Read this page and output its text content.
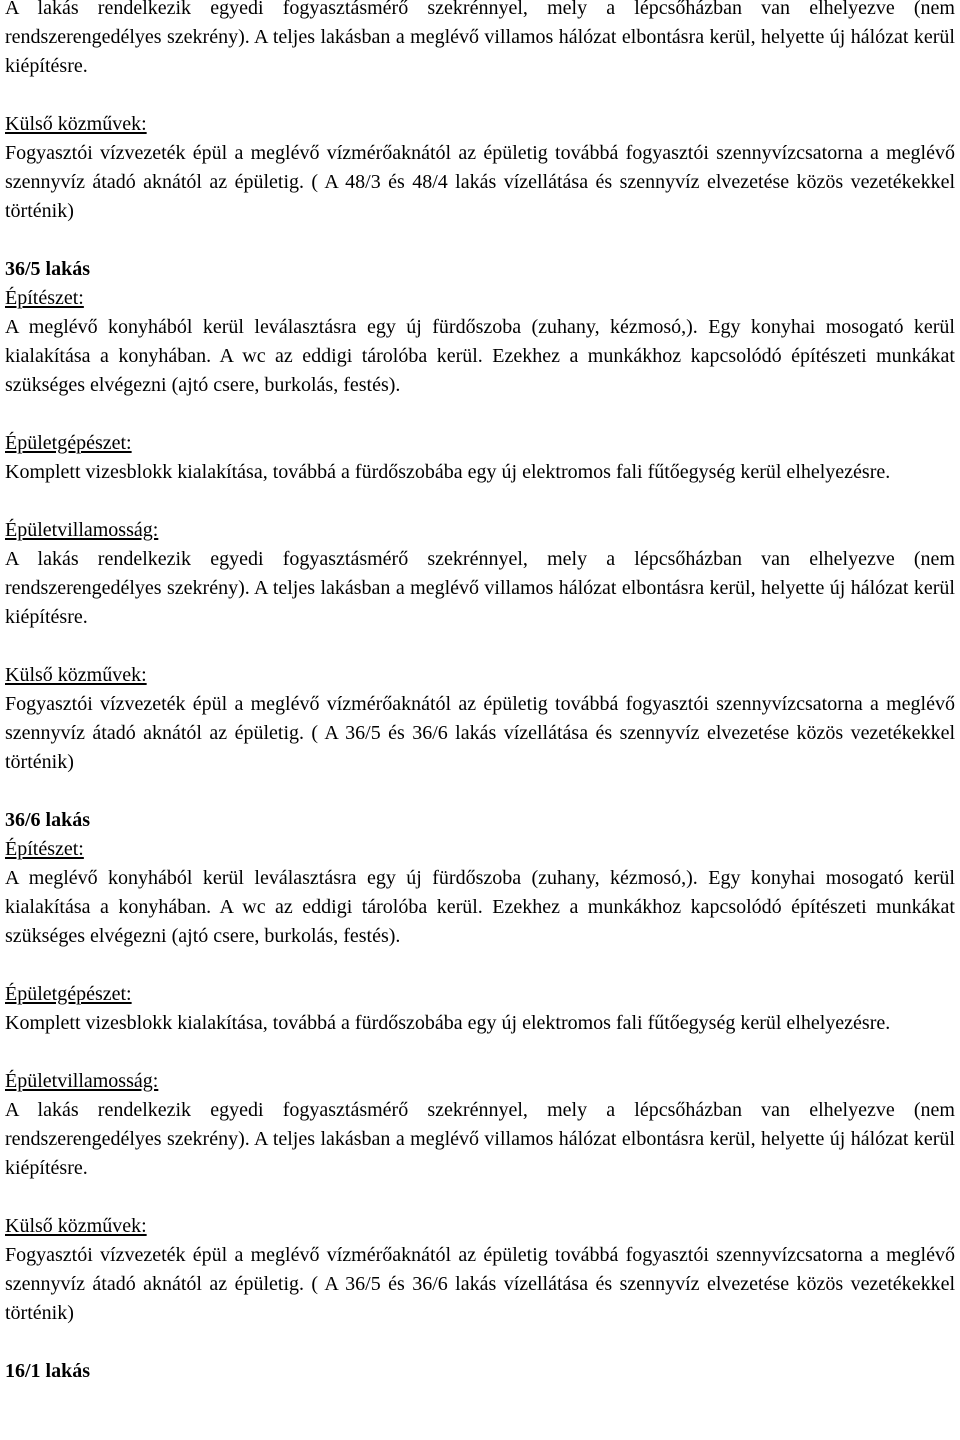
A lakás rendelkezik egyedi fogyasztásmérő szekrénnyel, mely a lépcsőházban van elhelyezve (nem rendszerengedélyes szekrény). A teljes lakásban a meglévő villamos hálózat elbontásra kerül, helyette új hálózat kerül kiépítésre.

Külső közművek:

Fogyasztói vízvezeték épül a meglévő vízmérőaknától az épületig továbbá fogyasztói szennyvízcsatorna a meglévő szennyvíz átadó aknától az épületig. ( A 48/3 és 48/4 lakás vízellátása és szennyvíz elvezetése közös vezetékekkel történik)

36/5 lakás
Építészet:

A meglévő konyhából kerül leválasztásra egy új fürdőszoba (zuhany, kézmosó,). Egy konyhai mosogató kerül kialakítása a konyhában. A wc az eddigi tárolóba kerül. Ezekhez a munkákhoz kapcsolódó építészeti munkákat szükséges elvégezni (ajtó csere, burkolás, festés).

Épületgépészet:

Komplett vizesblokk kialakítása, továbbá a fürdőszobába egy új elektromos fali fűtőegység kerül elhelyezésre.

Épületvillamosság:

A lakás rendelkezik egyedi fogyasztásmérő szekrénnyel, mely a lépcsőházban van elhelyezve (nem rendszerengedélyes szekrény). A teljes lakásban a meglévő villamos hálózat elbontásra kerül, helyette új hálózat kerül kiépítésre.

Külső közművek:

Fogyasztói vízvezeték épül a meglévő vízmérőaknától az épületig továbbá fogyasztói szennyvízcsatorna a meglévő szennyvíz átadó aknától az épületig. ( A 36/5 és 36/6 lakás vízellátása és szennyvíz elvezetése közös vezetékekkel történik)

36/6 lakás
Építészet:

A meglévő konyhából kerül leválasztásra egy új fürdőszoba (zuhany, kézmosó,). Egy konyhai mosogató kerül kialakítása a konyhában. A wc az eddigi tárolóba kerül. Ezekhez a munkákhoz kapcsolódó építészeti munkákat szükséges elvégezni (ajtó csere, burkolás, festés).

Épületgépészet:

Komplett vizesblokk kialakítása, továbbá a fürdőszobába egy új elektromos fali fűtőegység kerül elhelyezésre.

Épületvillamosság:

A lakás rendelkezik egyedi fogyasztásmérő szekrénnyel, mely a lépcsőházban van elhelyezve (nem rendszerengedélyes szekrény). A teljes lakásban a meglévő villamos hálózat elbontásra kerül, helyette új hálózat kerül kiépítésre.

Külső közművek:

Fogyasztói vízvezeték épül a meglévő vízmérőaknától az épületig továbbá fogyasztói szennyvízcsatorna a meglévő szennyvíz átadó aknától az épületig. ( A 36/5 és 36/6 lakás vízellátása és szennyvíz elvezetése közös vezetékekkel történik)

16/1 lakás
